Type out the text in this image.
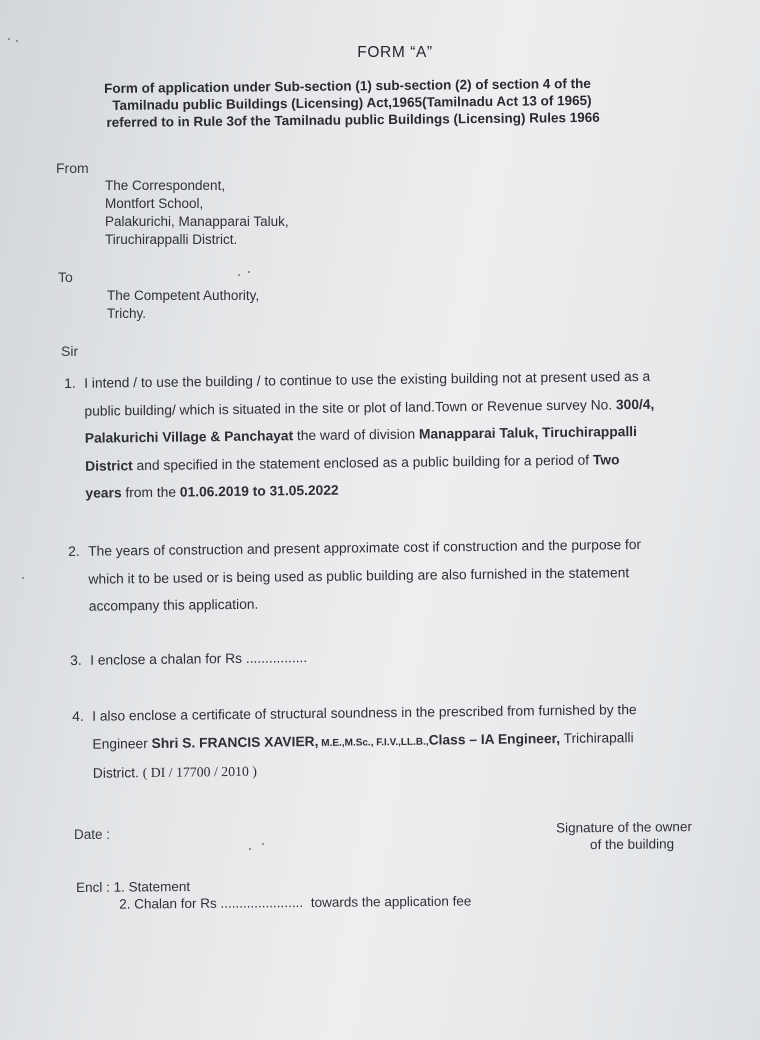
FORM “A”
Form of application under Sub-section (1) sub-section (2) of section 4 of the
Tamilnadu public Buildings (Licensing) Act,1965(Tamilnadu Act 13 of 1965)
referred to in Rule 3of the Tamilnadu public Buildings (Licensing) Rules 1966
From
The Correspondent,
Montfort School,
Palakurichi, Manapparai Taluk,
Tiruchirappalli District.
To
The Competent Authority,
Trichy.
Sir
1. I intend / to use the building / to continue to use the existing building not at present used as a
public building/ which is situated in the site or plot of land.Town or Revenue survey No. 300/4,
Palakurichi Village & Panchayat the ward of division Manapparai Taluk, Tiruchirappalli
District and specified in the statement enclosed as a public building for a period of Two
years from the 01.06.2019 to 31.05.2022
2. The years of construction and present approximate cost if construction and the purpose for
which it to be used or is being used as public building are also furnished in the statement
accompany this application.
3. I enclose a chalan for Rs ................
4. I also enclose a certificate of structural soundness in the prescribed from furnished by the
Engineer Shri S. FRANCIS XAVIER, M.E.,M.Sc., F.I.V.,LL.B.,Class – IA Engineer, Trichirapalli
District. ( DI / 17700 / 2010 )
Date :	Signature of the owner
of the building
Encl : 1. Statement
2. Chalan for Rs ...................... towards the application fee
